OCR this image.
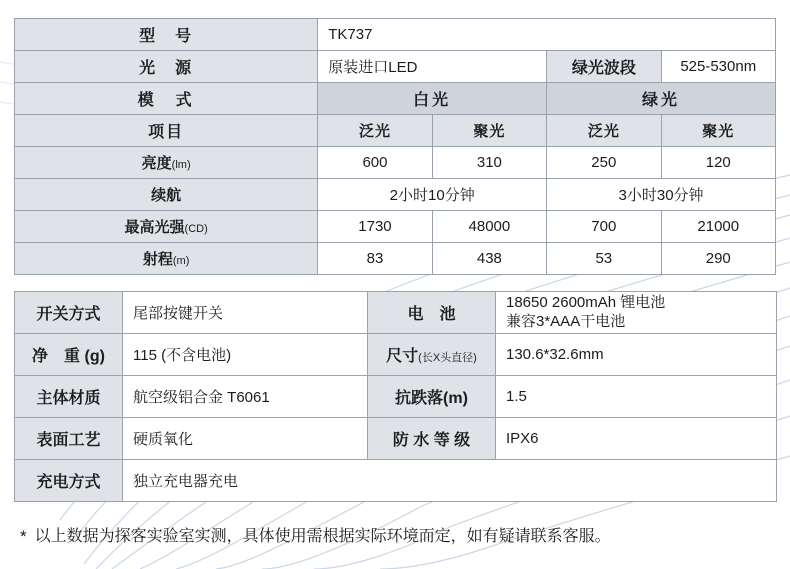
型　号	TK737			
光　源	原装进口LED		绿光波段	525-530nm
模　式	白光		绿光	
项目	泛光	聚光	泛光	聚光
亮度(lm)	600	310	250	120
续航	2小时10分钟		3小时30分钟	
最高光强(CD)	1730	48000	700	21000
射程(m)	83	438	53	290
开关方式	尾部按键开关	电　池	18650 2600mAh 锂电池
兼容3*AAA干电池
净　重 (g)	115 (不含电池)	尺寸(长X头直径)	130.6*32.6mm
主体材质	航空级铝合金 T6061	抗跌落(m)	1.5
表面工艺	硬质氧化	防 水 等 级	IPX6
充电方式	独立充电器充电		
* 以上数据为探客实验室实测，具体使用需根据实际环境而定，如有疑请联系客服。
